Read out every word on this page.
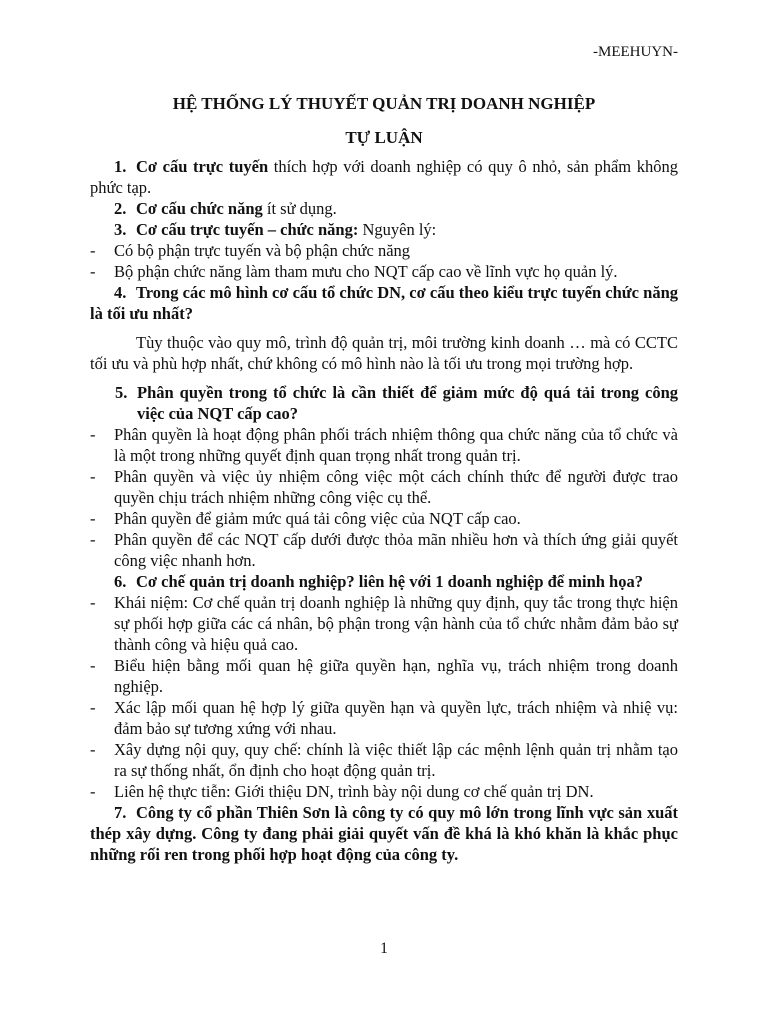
-MEEHUYN-
HỆ THỐNG LÝ THUYẾT QUẢN TRỊ DOANH NGHIỆP
TỰ LUẬN

1. Cơ cấu trực tuyến thích hợp với doanh nghiệp có quy ô nhỏ, sản phẩm không phức tạp.

2. Cơ cấu chức năng ít sử dụng.

3. Cơ cấu trực tuyến – chức năng: Nguyên lý:

-	Có bộ phận trực tuyến và bộ phận chức năng
-	Bộ phận chức năng làm tham mưu cho NQT cấp cao về lĩnh vực họ quản lý.

4. Trong các mô hình cơ cấu tổ chức DN, cơ cấu theo kiểu trực tuyến chức năng là tối ưu nhất?

Tùy thuộc vào quy mô, trình độ quản trị, môi trường kinh doanh … mà có CCTC tối ưu và phù hợp nhất, chứ không có mô hình nào là tối ưu trong mọi trường hợp.

5. Phân quyền trong tổ chức là cần thiết để giảm mức độ quá tải trong công việc của NQT cấp cao?
-	Phân quyền là hoạt động phân phối trách nhiệm thông qua chức năng của tổ chức và là một trong những quyết định quan trọng nhất trong quản trị.
-	Phân quyền và việc ủy nhiệm công việc một cách chính thức để người được trao quyền chịu trách nhiệm những công việc cụ thể.
-	Phân quyền để giảm mức quá tải công việc của NQT cấp cao.
-	Phân quyền để các NQT cấp dưới được thỏa mãn nhiều hơn và thích ứng giải quyết công việc nhanh hơn.

6. Cơ chế quản trị doanh nghiệp? liên hệ với 1 doanh nghiệp để minh họa?

-	Khái niệm: Cơ chế quản trị doanh nghiệp là những quy định, quy tắc trong thực hiện sự phối hợp giữa các cá nhân, bộ phận trong vận hành của tổ chức nhằm đảm bảo sự thành công và hiệu quả cao.
-	Biểu hiện bằng mối quan hệ giữa quyền hạn, nghĩa vụ, trách nhiệm trong doanh nghiệp.
-	Xác lập mối quan hệ hợp lý giữa quyền hạn và quyền lực, trách nhiệm và nhiệ vụ: đảm bảo sự tương xứng với nhau.
-	Xây dựng nội quy, quy chế: chính là việc thiết lập các mệnh lệnh quản trị nhằm tạo ra sự thống nhất, ổn định cho hoạt động quản trị.
-	Liên hệ thực tiễn: Giới thiệu DN, trình bày nội dung cơ chế quản trị DN.

7. Công ty cổ phần Thiên Sơn là công ty có quy mô lớn trong lĩnh vực sản xuất thép xây dựng. Công ty đang phải giải quyết vấn đề khá là khó khăn là khắc phục những rối ren trong phối hợp hoạt động của công ty.

1
